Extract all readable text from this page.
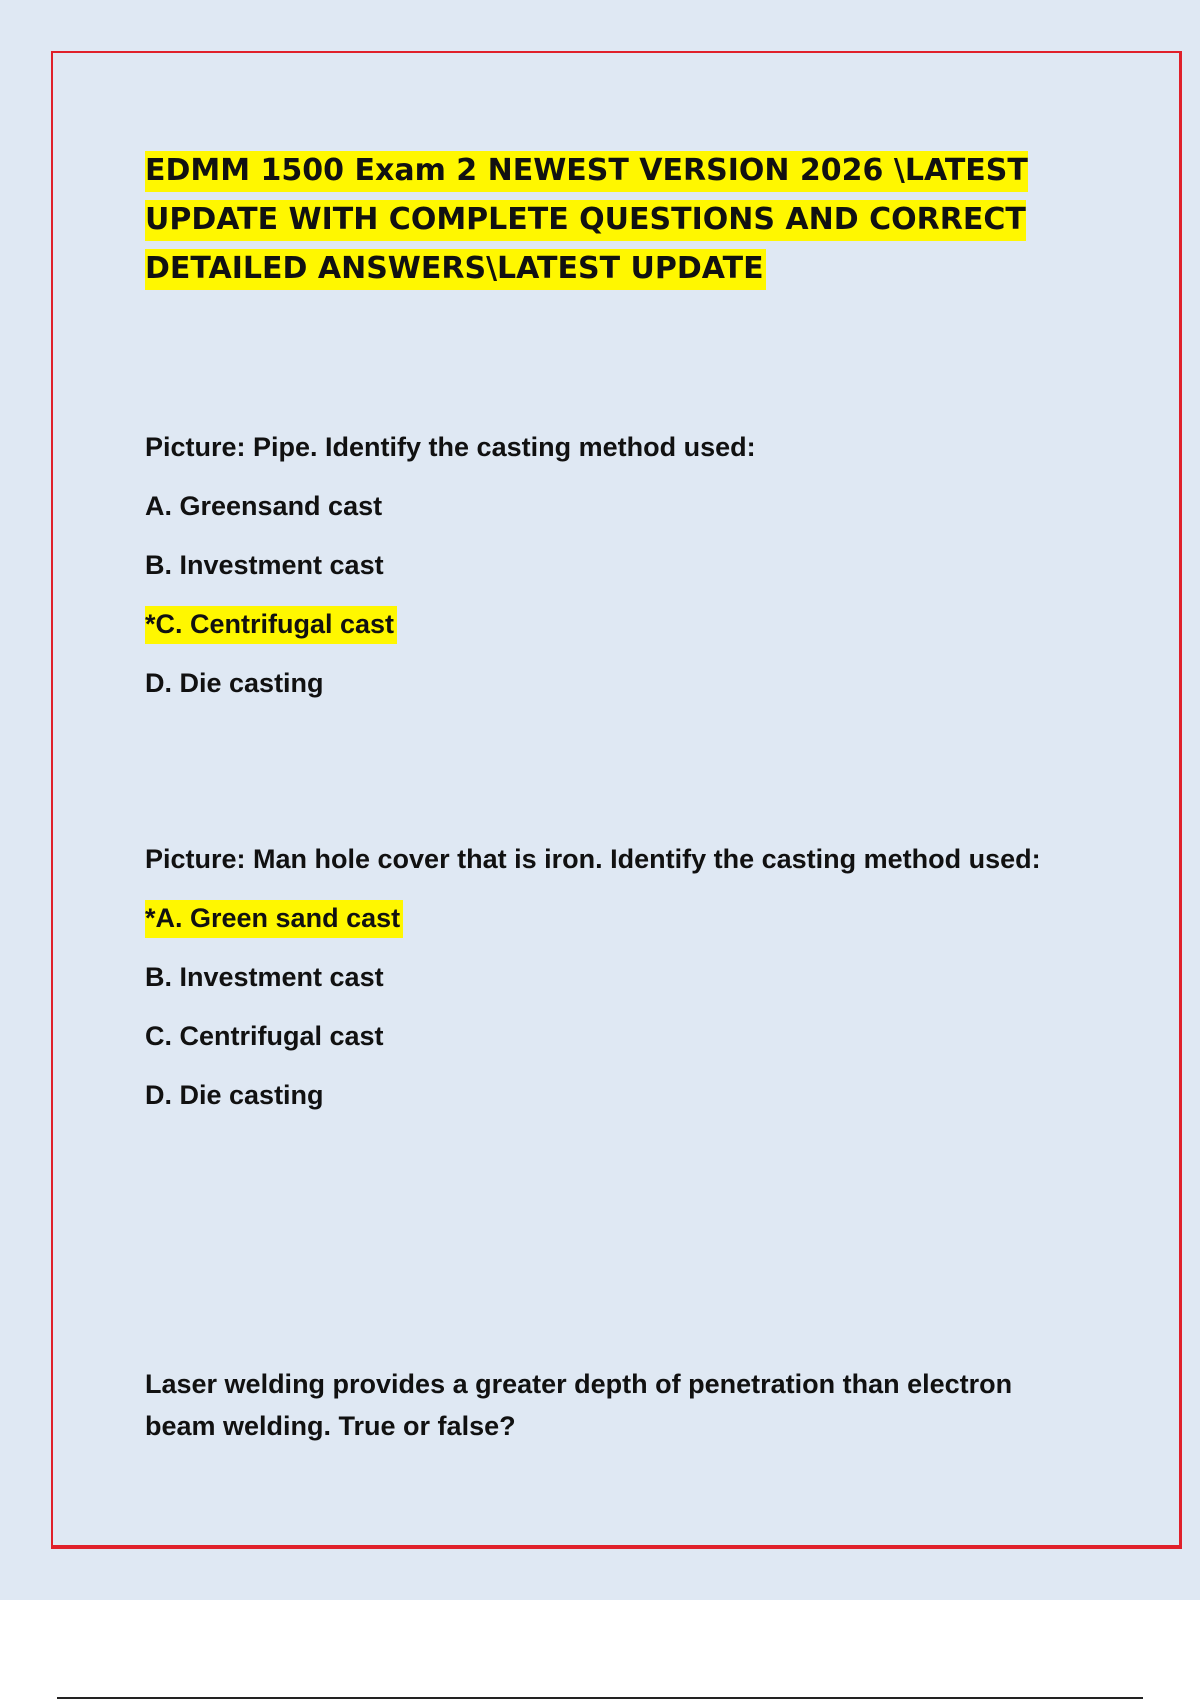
EDMM 1500 Exam 2 NEWEST VERSION 2026 \LATEST UPDATE WITH COMPLETE QUESTIONS AND CORRECT DETAILED ANSWERS\LATEST UPDATE

Picture: Pipe. Identify the casting method used:

A. Greensand cast

B. Investment cast

*C. Centrifugal cast

D. Die casting

Picture: Man hole cover that is iron. Identify the casting method used:

*A. Green sand cast

B. Investment cast

C. Centrifugal cast

D. Die casting

Laser welding provides a greater depth of penetration than electron beam welding. True or false?
